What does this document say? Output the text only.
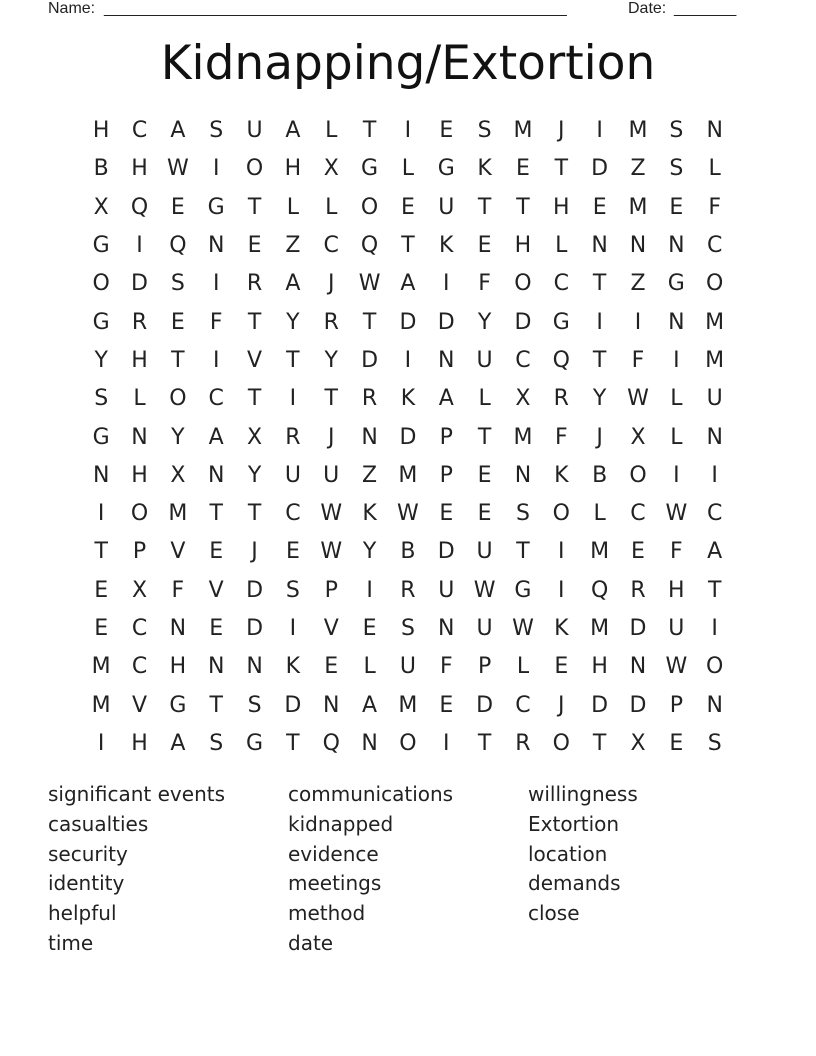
Name: ____________________________________________________	Date: _______
Kidnapping/Extortion
H	C	A	S	U	A	L	T	I	E	S M	J	I	M S	N
B	H W	I	O H	X	G	L	G	K	E	T	D	Z	S	L
X	Q	E	G	T	L	L	O	E	U	T	T	H	E M E	F
G	I	Q N	E	Z	C Q	T	K	E	H	L	N N N	C
O D	S	I	R	A	J	W A	I	F	O	C	T	Z	G O
G	R	E	F	T	Y	R	T	D D	Y	D G	I	I	N M
Y	H	T	I	V	T	Y	D	I	N	U	C Q	T	F	I	M
S	L	O	C	T	I	T	R	K	A	L	X	R	Y W L	U
G N	Y	A	X	R	J	N D	P	T	M	F	J	X	L	N
N H	X	N	Y	U	U	Z M	P	E	N	K	B	O	I	I
I	O M	T	T	C W K W E	E	S	O	L	C W C
T	P	V	E	J	E W Y	B	D U	T	I	M E	F	A
E	X	F	V	D	S	P	I	R	U W G	I	Q	R	H	T
E	C	N	E	D	I	V	E	S	N	U W K M D U	I
M C	H N N	K	E	L	U	F	P	L	E	H N W O
M V	G	T	S	D N	A M E	D	C	J	D D	P	N
I	H	A	S	G	T	Q N O	I	T	R	O	T	X	E	S
significant events
casualties
security
identity
helpful
time
communications
kidnapped
evidence
meetings
method
date
willingness
Extortion
location
demands
close
